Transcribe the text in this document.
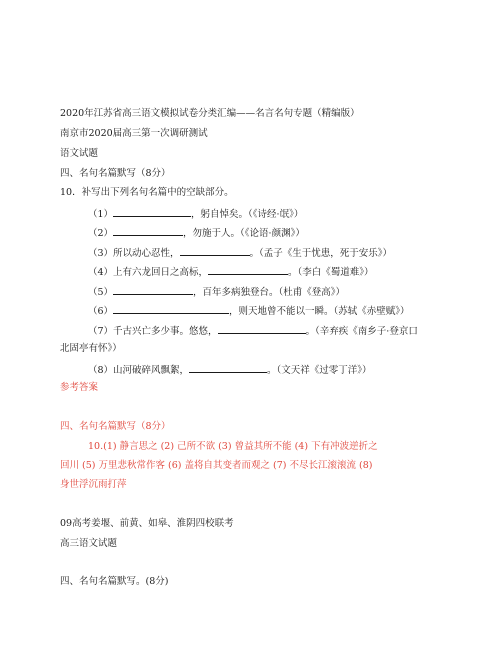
2020年江苏省高三语文模拟试卷分类汇编——名言名句专题（精编版）
南京市2020届高三第一次调研测试
语文试题
四、名句名篇默写（8分）
10．补写出下列名句名篇中的空缺部分。
（1）	，躬自悼矣。（《诗经·氓》）
（2）	，勿施于人。（《论语·颜渊》）
（3）所以动心忍性，	。（孟子《生于忧患，死于安乐》）
（4）上有六龙回日之高标，	。（李白《蜀道难》）
（5）	，百年多病独登台。（杜甫《登高》）
（6）	，则天地曾不能以一瞬。（苏轼《赤壁赋》）
（7）千古兴亡多少事。悠悠，	。（辛弃疾《南乡子·登京口
北固亭有怀》）
（8）山河破碎风飘絮，	。（文天祥《过零丁洋》）
参考答案
四、名句名篇默写（8分）
10.(1) 静言思之 (2) 己所不欲 (3) 曾益其所不能 (4) 下有冲波逆折之
回川 (5) 万里悲秋常作客 (6) 盖将自其变者而观之 (7) 不尽长江滚滚流 (8)
身世浮沉雨打萍
09高考姜堰、前黄、如皋、淮阴四校联考
高三语文试题
四、名句名篇默写。(8分)
